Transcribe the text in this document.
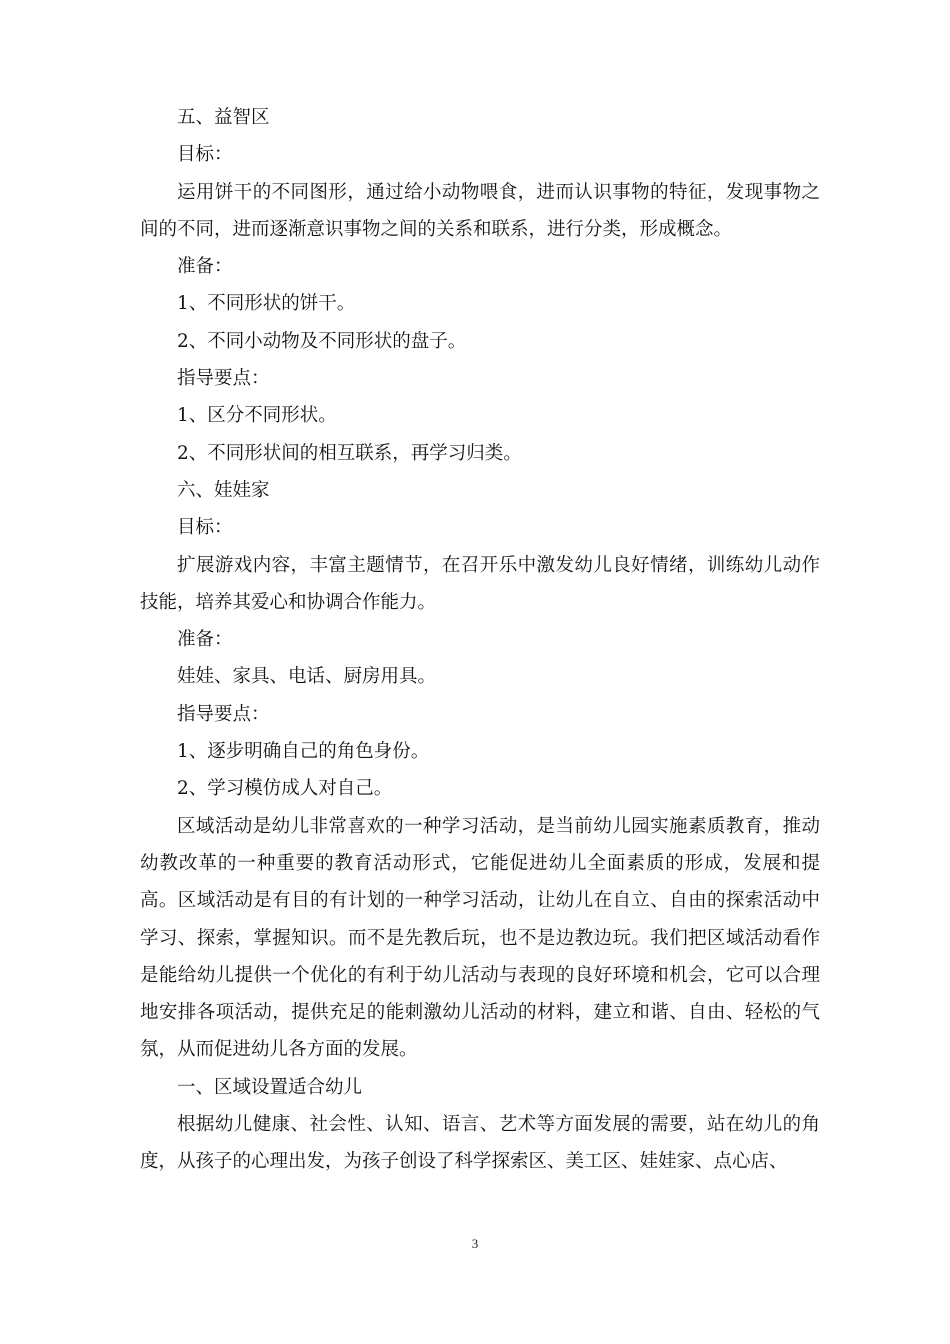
五、益智区

目标：

运用饼干的不同图形，通过给小动物喂食，进而认识事物的特征，发现事物之间的不同，进而逐渐意识事物之间的关系和联系，进行分类，形成概念。

准备：

1、不同形状的饼干。

2、不同小动物及不同形状的盘子。

指导要点：

1、区分不同形状。

2、不同形状间的相互联系，再学习归类。

六、娃娃家

目标：

扩展游戏内容，丰富主题情节，在召开乐中激发幼儿良好情绪，训练幼儿动作技能，培养其爱心和协调合作能力。

准备：

娃娃、家具、电话、厨房用具。

指导要点：

1、逐步明确自己的角色身份。

2、学习模仿成人对自己。

区域活动是幼儿非常喜欢的一种学习活动，是当前幼儿园实施素质教育，推动幼教改革的一种重要的教育活动形式，它能促进幼儿全面素质的形成，发展和提高。区域活动是有目的有计划的一种学习活动，让幼儿在自立、自由的探索活动中学习、探索，掌握知识。而不是先教后玩，也不是边教边玩。我们把区域活动看作是能给幼儿提供一个优化的有利于幼儿活动与表现的良好环境和机会，它可以合理地安排各项活动，提供充足的能刺激幼儿活动的材料，建立和谐、自由、轻松的气氛，从而促进幼儿各方面的发展。

一、区域设置适合幼儿

根据幼儿健康、社会性、认知、语言、艺术等方面发展的需要，站在幼儿的角度，从孩子的心理出发，为孩子创设了科学探索区、美工区、娃娃家、点心店、

3
